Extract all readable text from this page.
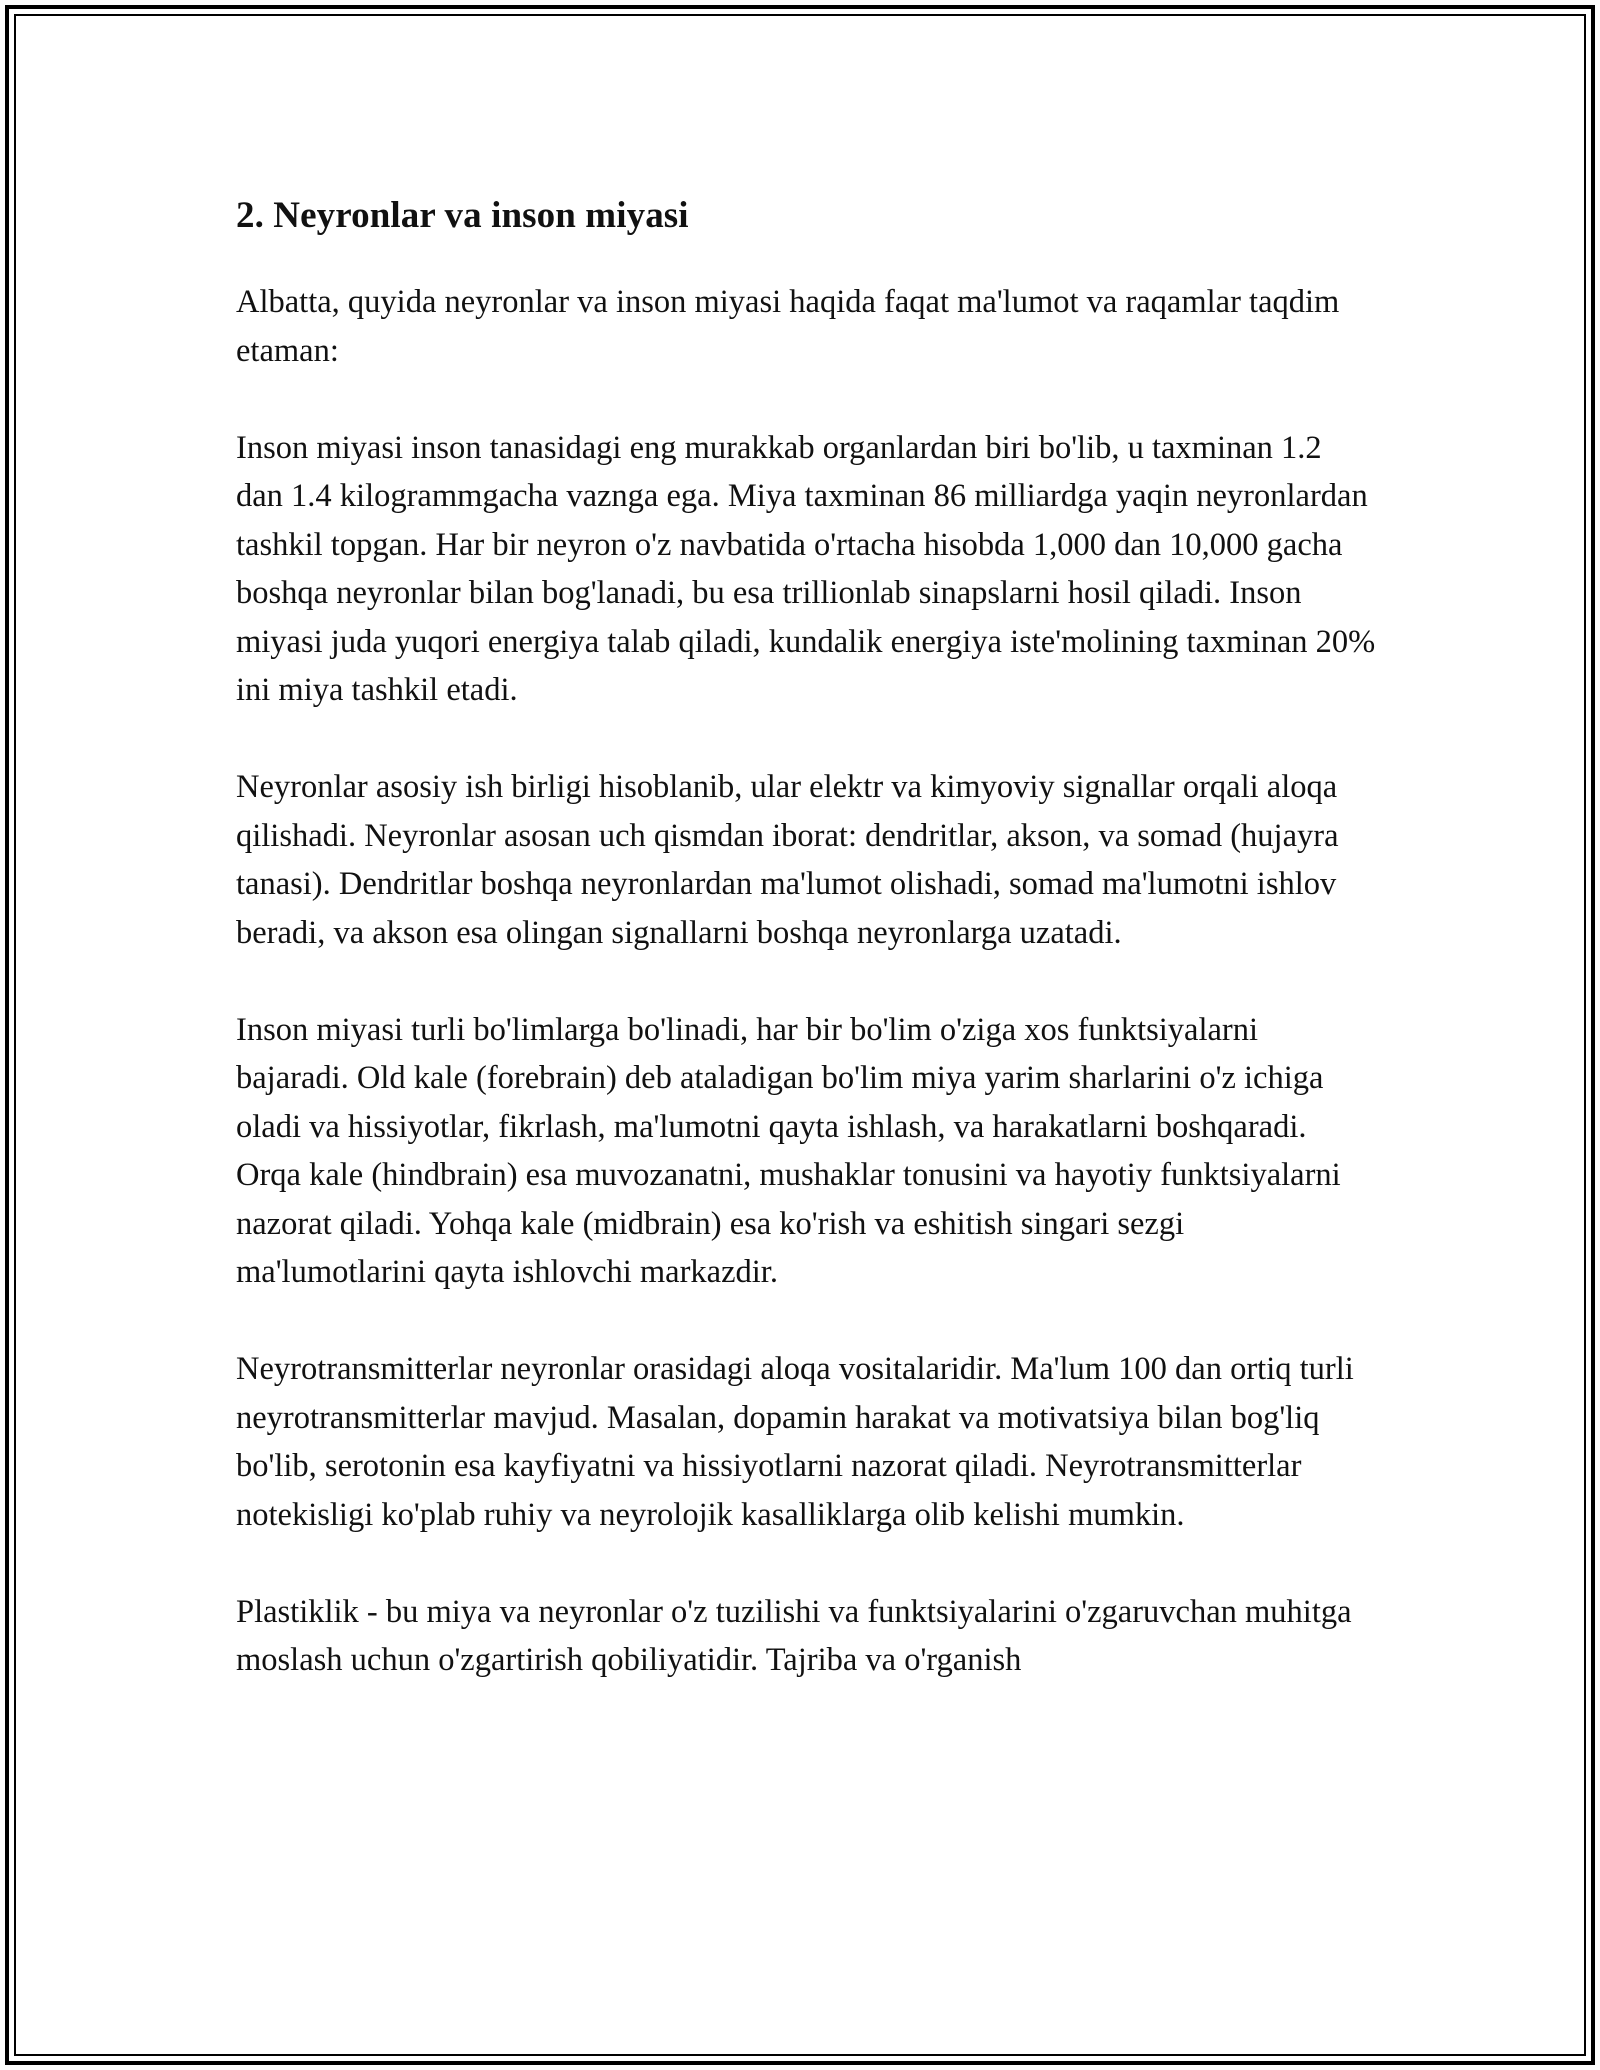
2. Neyronlar va inson miyasi

Albatta, quyida neyronlar va inson miyasi haqida faqat ma'lumot va raqamlar taqdim etaman:

Inson miyasi inson tanasidagi eng murakkab organlardan biri bo'lib, u taxminan 1.2 dan 1.4 kilogrammgacha vaznga ega. Miya taxminan 86 milliardga yaqin neyronlardan tashkil topgan. Har bir neyron o'z navbatida o'rtacha hisobda 1,000 dan 10,000 gacha boshqa neyronlar bilan bog'lanadi, bu esa trillionlab sinapslarni hosil qiladi. Inson miyasi juda yuqori energiya talab qiladi, kundalik energiya iste'molining taxminan 20% ini miya tashkil etadi.

Neyronlar asosiy ish birligi hisoblanib, ular elektr va kimyoviy signallar orqali aloqa qilishadi. Neyronlar asosan uch qismdan iborat: dendritlar, akson, va somad (hujayra tanasi). Dendritlar boshqa neyronlardan ma'lumot olishadi, somad ma'lumotni ishlov beradi, va akson esa olingan signallarni boshqa neyronlarga uzatadi.

Inson miyasi turli bo'limlarga bo'linadi, har bir bo'lim o'ziga xos funktsiyalarni bajaradi. Old kale (forebrain) deb ataladigan bo'lim miya yarim sharlarini o'z ichiga oladi va hissiyotlar, fikrlash, ma'lumotni qayta ishlash, va harakatlarni boshqaradi. Orqa kale (hindbrain) esa muvozanatni, mushaklar tonusini va hayotiy funktsiyalarni nazorat qiladi. Yohqa kale (midbrain) esa ko'rish va eshitish singari sezgi ma'lumotlarini qayta ishlovchi markazdir.

Neyrotransmitterlar neyronlar orasidagi aloqa vositalaridir. Ma'lum 100 dan ortiq turli neyrotransmitterlar mavjud. Masalan, dopamin harakat va motivatsiya bilan bog'liq bo'lib, serotonin esa kayfiyatni va hissiyotlarni nazorat qiladi. Neyrotransmitterlar notekisligi ko'plab ruhiy va neyrolojik kasalliklarga olib kelishi mumkin.

Plastiklik - bu miya va neyronlar o'z tuzilishi va funktsiyalarini o'zgaruvchan muhitga moslash uchun o'zgartirish qobiliyatidir. Tajriba va o'rganish
